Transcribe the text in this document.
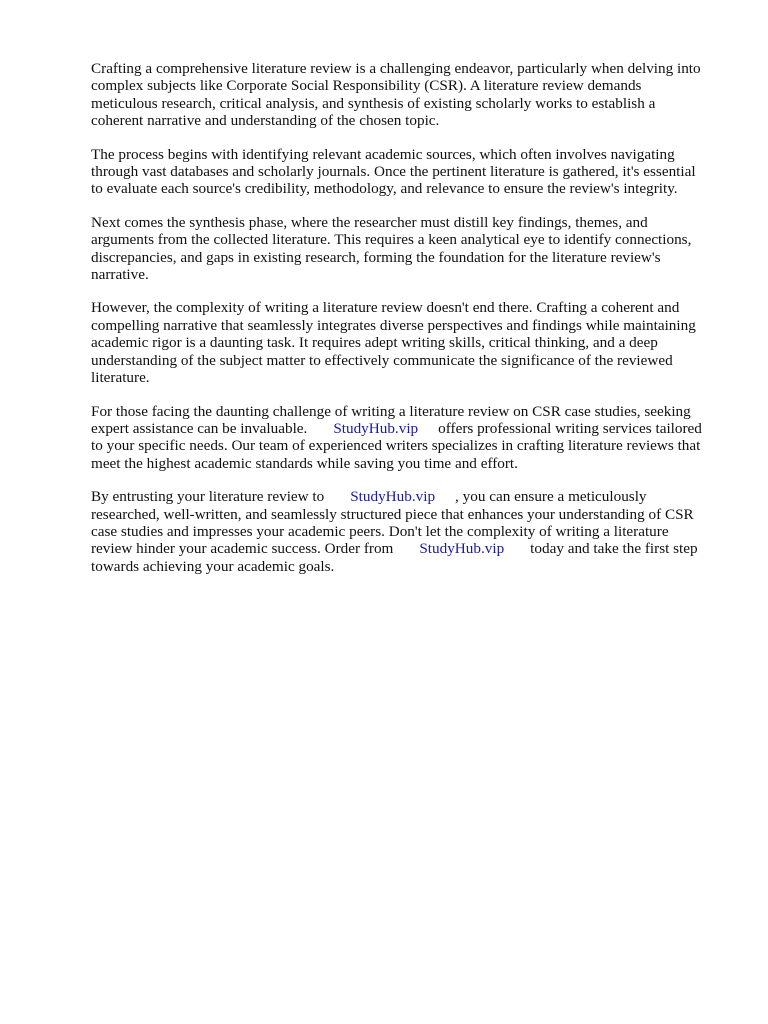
Crafting a comprehensive literature review is a challenging endeavor, particularly when delving into
complex subjects like Corporate Social Responsibility (CSR). A literature review demands
meticulous research, critical analysis, and synthesis of existing scholarly works to establish a
coherent narrative and understanding of the chosen topic.

The process begins with identifying relevant academic sources, which often involves navigating
through vast databases and scholarly journals. Once the pertinent literature is gathered, it's essential
to evaluate each source's credibility, methodology, and relevance to ensure the review's integrity.

Next comes the synthesis phase, where the researcher must distill key findings, themes, and
arguments from the collected literature. This requires a keen analytical eye to identify connections,
discrepancies, and gaps in existing research, forming the foundation for the literature review's
narrative.

However, the complexity of writing a literature review doesn't end there. Crafting a coherent and
compelling narrative that seamlessly integrates diverse perspectives and findings while maintaining
academic rigor is a daunting task. It requires adept writing skills, critical thinking, and a deep
understanding of the subject matter to effectively communicate the significance of the reviewed
literature.

For those facing the daunting challenge of writing a literature review on CSR case studies, seeking
expert assistance can be invaluable. StudyHub.vip offers professional writing services tailored
to your specific needs. Our team of experienced writers specializes in crafting literature reviews that
meet the highest academic standards while saving you time and effort.

By entrusting your literature review to StudyHub.vip , you can ensure a meticulously
researched, well-written, and seamlessly structured piece that enhances your understanding of CSR
case studies and impresses your academic peers. Don't let the complexity of writing a literature
review hinder your academic success. Order from StudyHub.vip today and take the first step
towards achieving your academic goals.
